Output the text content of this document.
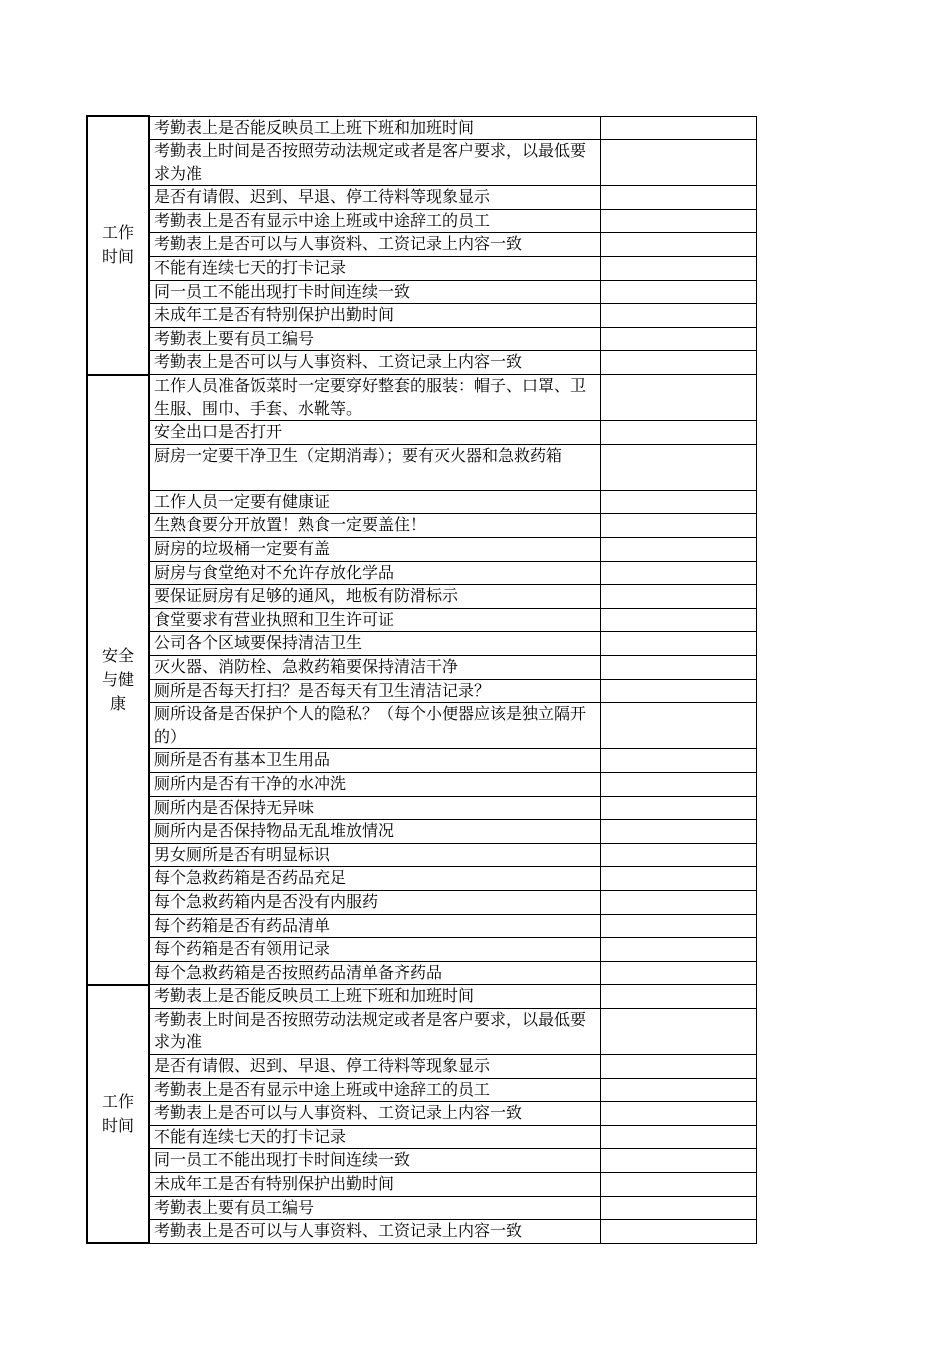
工作时间	考勤表上是否能反映员工上班下班和加班时间	
	考勤表上时间是否按照劳动法规定或者是客户要求，以最低要求为准	
	是否有请假、迟到、早退、停工待料等现象显示	
	考勤表上是否有显示中途上班或中途辞工的员工	
	考勤表上是否可以与人事资料、工资记录上内容一致	
	不能有连续七天的打卡记录	
	同一员工不能出现打卡时间连续一致	
	未成年工是否有特别保护出勤时间	
	考勤表上要有员工编号	
	考勤表上是否可以与人事资料、工资记录上内容一致	
安全与健康	工作人员准备饭菜时一定要穿好整套的服装：帽子、口罩、卫生服、围巾、手套、水靴等。	
	安全出口是否打开	
	厨房一定要干净卫生（定期消毒）；要有灭火器和急救药箱	
	工作人员一定要有健康证	
	生熟食要分开放置！熟食一定要盖住！	
	厨房的垃圾桶一定要有盖	
	厨房与食堂绝对不允许存放化学品	
	要保证厨房有足够的通风，地板有防滑标示	
	食堂要求有营业执照和卫生许可证	
	公司各个区域要保持清洁卫生	
	灭火器、消防栓、急救药箱要保持清洁干净	
	厕所是否每天打扫？是否每天有卫生清洁记录？	
	厕所设备是否保护个人的隐私？（每个小便器应该是独立隔开的）	
	厕所是否有基本卫生用品	
	厕所内是否有干净的水冲洗	
	厕所内是否保持无异味	
	厕所内是否保持物品无乱堆放情况	
	男女厕所是否有明显标识	
	每个急救药箱是否药品充足	
	每个急救药箱内是否没有内服药	
	每个药箱是否有药品清单	
	每个药箱是否有领用记录	
	每个急救药箱是否按照药品清单备齐药品	
工作时间	考勤表上是否能反映员工上班下班和加班时间	
	考勤表上时间是否按照劳动法规定或者是客户要求，以最低要求为准	
	是否有请假、迟到、早退、停工待料等现象显示	
	考勤表上是否有显示中途上班或中途辞工的员工	
	考勤表上是否可以与人事资料、工资记录上内容一致	
	不能有连续七天的打卡记录	
	同一员工不能出现打卡时间连续一致	
	未成年工是否有特别保护出勤时间	
	考勤表上要有员工编号	
	考勤表上是否可以与人事资料、工资记录上内容一致	
